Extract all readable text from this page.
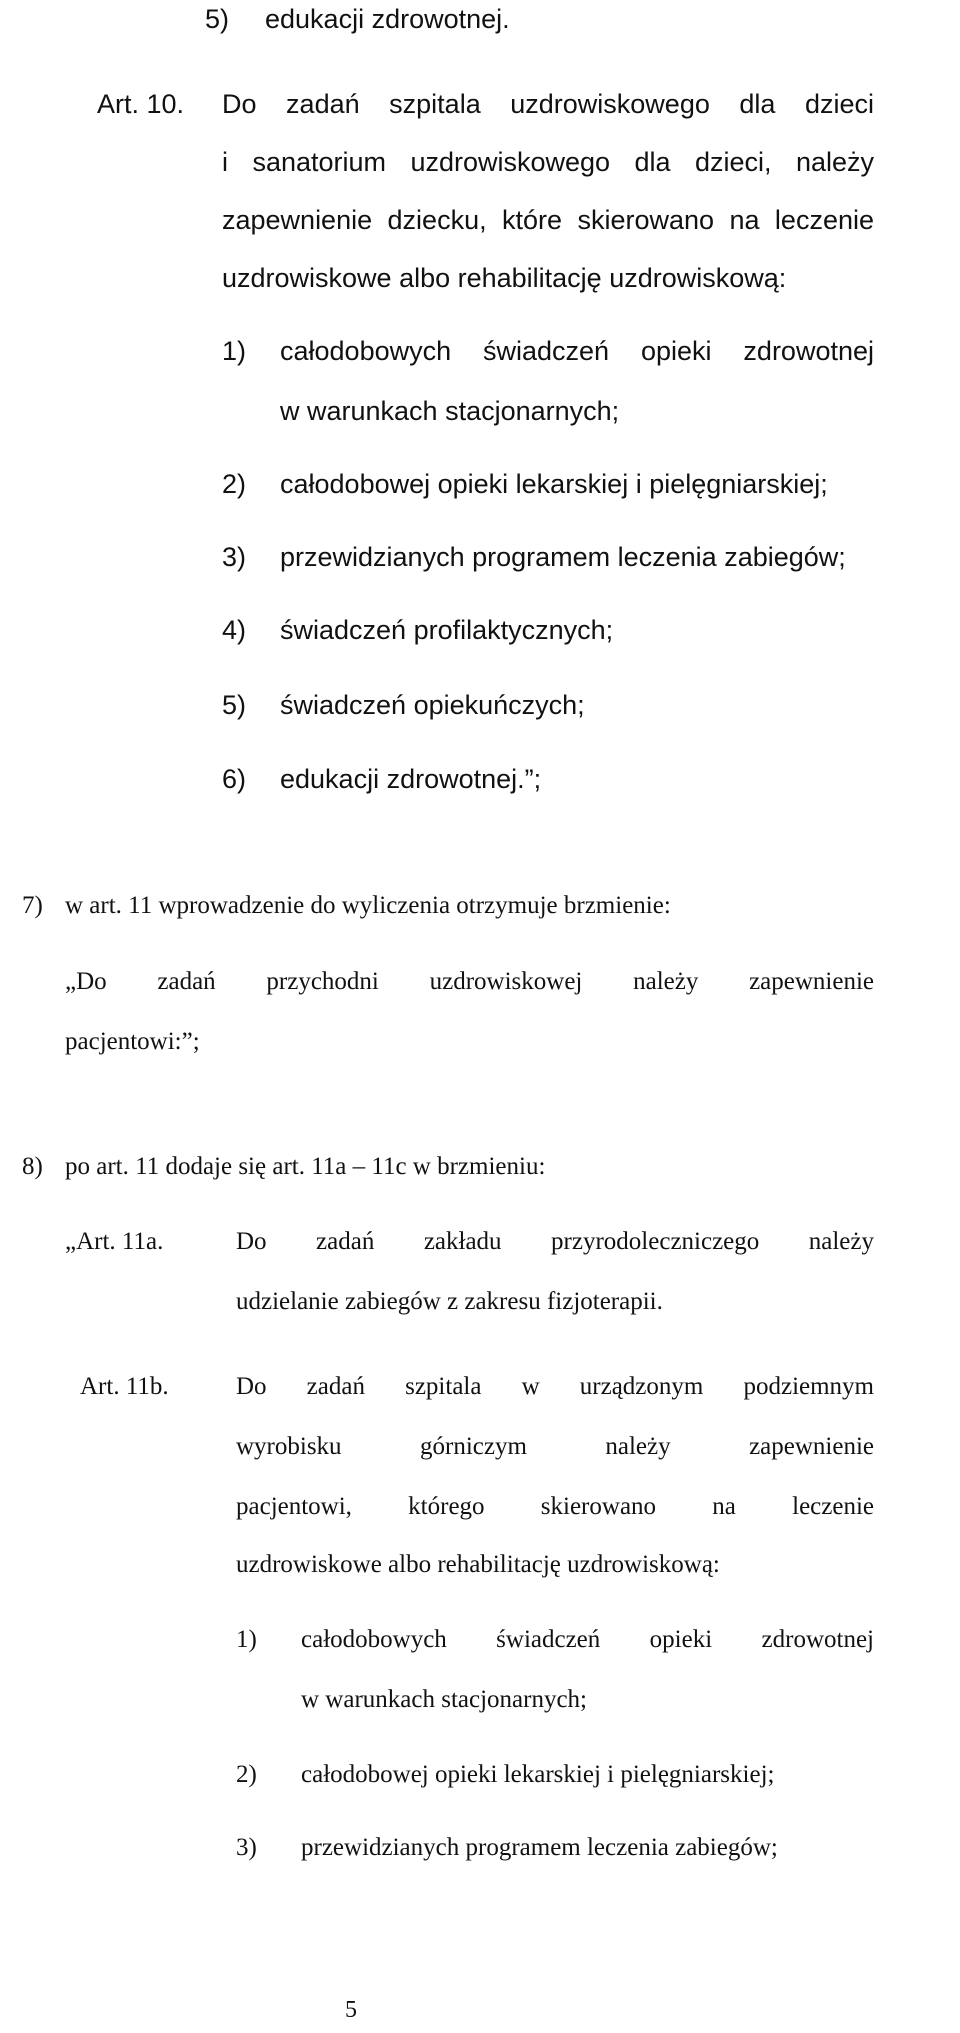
5) edukacji zdrowotnej.
Art. 10. Do zadań szpitala uzdrowiskowego dla dzieci
i sanatorium uzdrowiskowego dla dzieci, należy
zapewnienie dziecku, które skierowano na leczenie
uzdrowiskowe albo rehabilitację uzdrowiskową:
1) całodobowych świadczeń opieki zdrowotnej
w warunkach stacjonarnych;
2) całodobowej opieki lekarskiej i pielęgniarskiej;
3) przewidzianych programem leczenia zabiegów;
4) świadczeń profilaktycznych;
5) świadczeń opiekuńczych;
6) edukacji zdrowotnej.”;
7) w art. 11 wprowadzenie do wyliczenia otrzymuje brzmienie:
„Do zadań przychodni uzdrowiskowej należy zapewnienie
pacjentowi:”;
8) po art. 11 dodaje się art. 11a – 11c w brzmieniu:
„Art. 11a.	Do zadań zakładu przyrodoleczniczego należy
udzielanie zabiegów z zakresu fizjoterapii.
Art. 11b.	Do zadań szpitala w urządzonym podziemnym
wyrobisku górniczym należy zapewnienie
pacjentowi, którego skierowano na leczenie
uzdrowiskowe albo rehabilitację uzdrowiskową:
1) całodobowych świadczeń opieki zdrowotnej
w warunkach stacjonarnych;
2) całodobowej opieki lekarskiej i pielęgniarskiej;
3) przewidzianych programem leczenia zabiegów;
5
